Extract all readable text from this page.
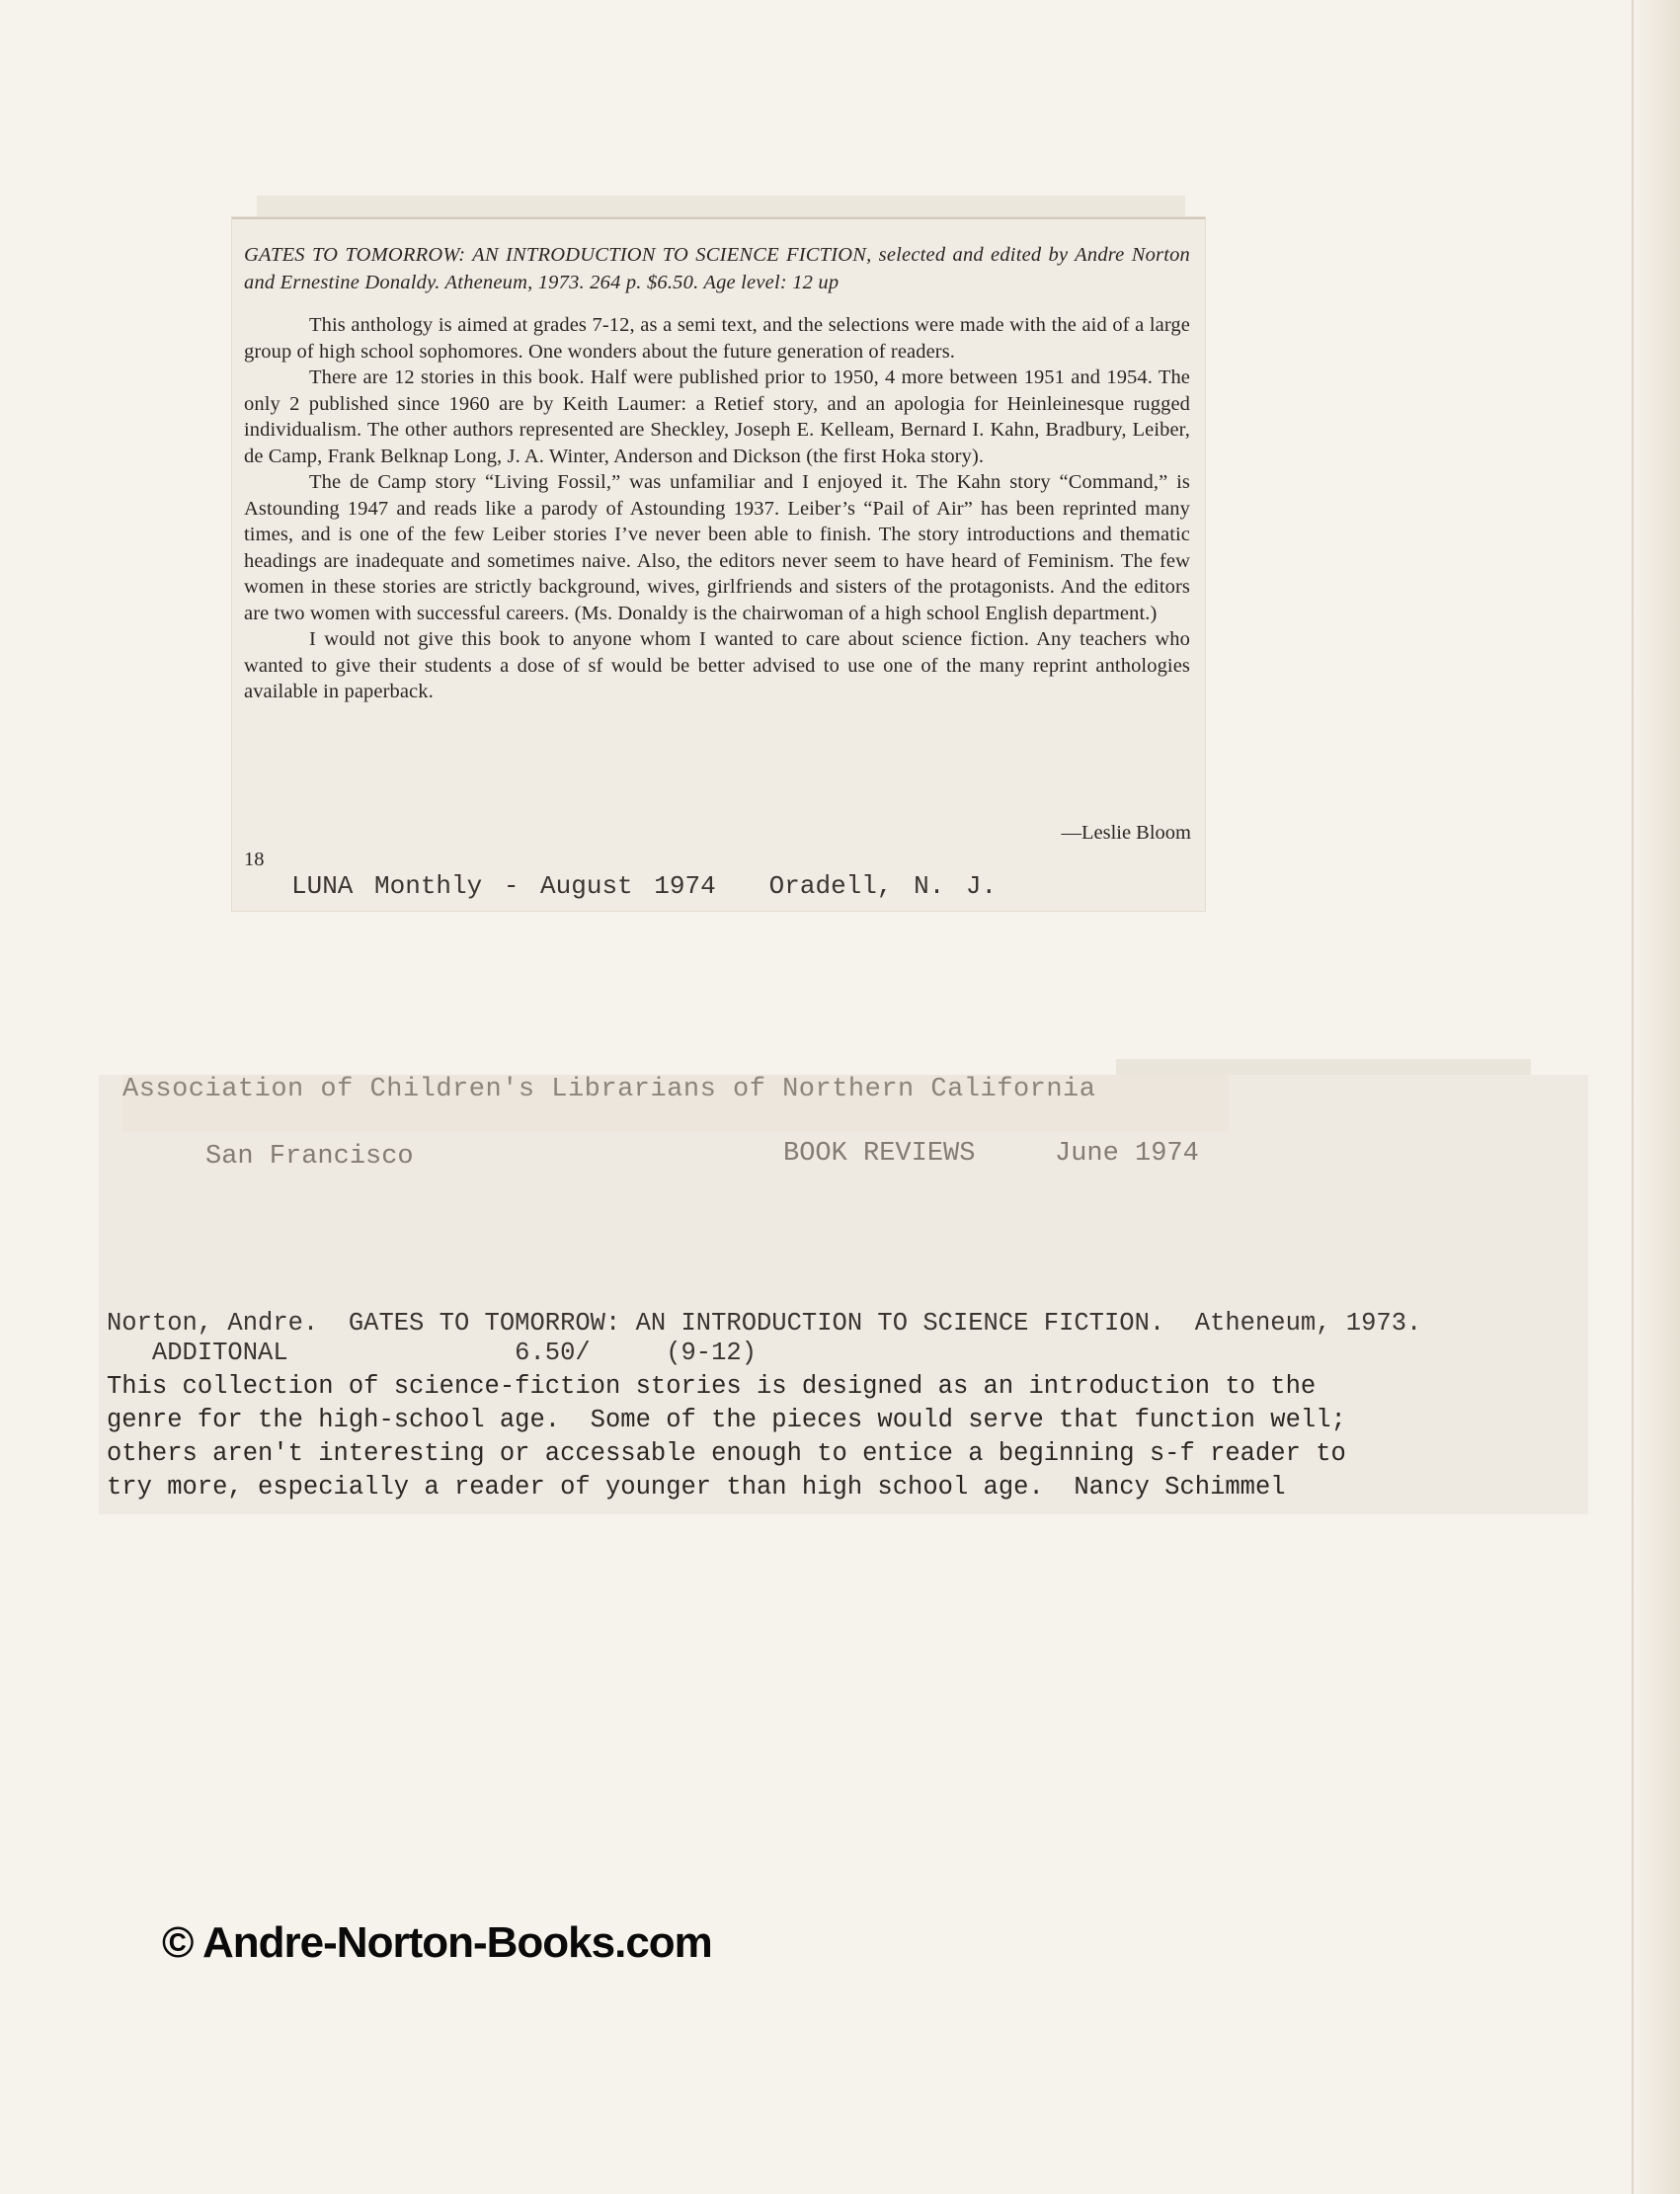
GATES TO TOMORROW: AN INTRODUCTION TO SCIENCE FICTION, selected and edited by Andre Norton and Ernestine Donaldy. Atheneum, 1973. 264 p. $6.50. Age level: 12 up

This anthology is aimed at grades 7-12, as a semi text, and the selections were made with the aid of a large group of high school sophomores. One wonders about the future generation of readers.

There are 12 stories in this book. Half were published prior to 1950, 4 more between 1951 and 1954. The only 2 published since 1960 are by Keith Laumer: a Retief story, and an apologia for Heinleinesque rugged individualism. The other authors represented are Sheckley, Joseph E. Kelleam, Bernard I. Kahn, Bradbury, Leiber, de Camp, Frank Belknap Long, J. A. Winter, Anderson and Dickson (the first Hoka story).

The de Camp story “Living Fossil,” was unfamiliar and I enjoyed it. The Kahn story “Command,” is Astounding 1947 and reads like a parody of Astounding 1937. Leiber’s “Pail of Air” has been reprinted many times, and is one of the few Leiber stories I’ve never been able to finish. The story introductions and thematic headings are inadequate and sometimes naive. Also, the editors never seem to have heard of Feminism. The few women in these stories are strictly background, wives, girlfriends and sisters of the protagonists. And the editors are two women with successful careers. (Ms. Donaldy is the chairwoman of a high school English department.)

I would not give this book to anyone whom I wanted to care about science fiction. Any teachers who wanted to give their students a dose of sf would be better advised to use one of the many reprint anthologies available in paperback.

—Leslie Bloom
18
LUNA Monthly - August 1974 Oradell, N. J.
Association of Children's Librarians of Northern California
San Francisco	BOOK REVIEWS	June 1974
Norton, Andre.  GATES TO TOMORROW: AN INTRODUCTION TO SCIENCE FICTION.  Atheneum, 1973.
ADDITONAL               6.50/     (9-12)
This collection of science-fiction stories is designed as an introduction to the
genre for the high-school age.  Some of the pieces would serve that function well;
others aren't interesting or accessable enough to entice a beginning s-f reader to
try more, especially a reader of younger than high school age.  Nancy Schimmel
© Andre-Norton-Books.com
